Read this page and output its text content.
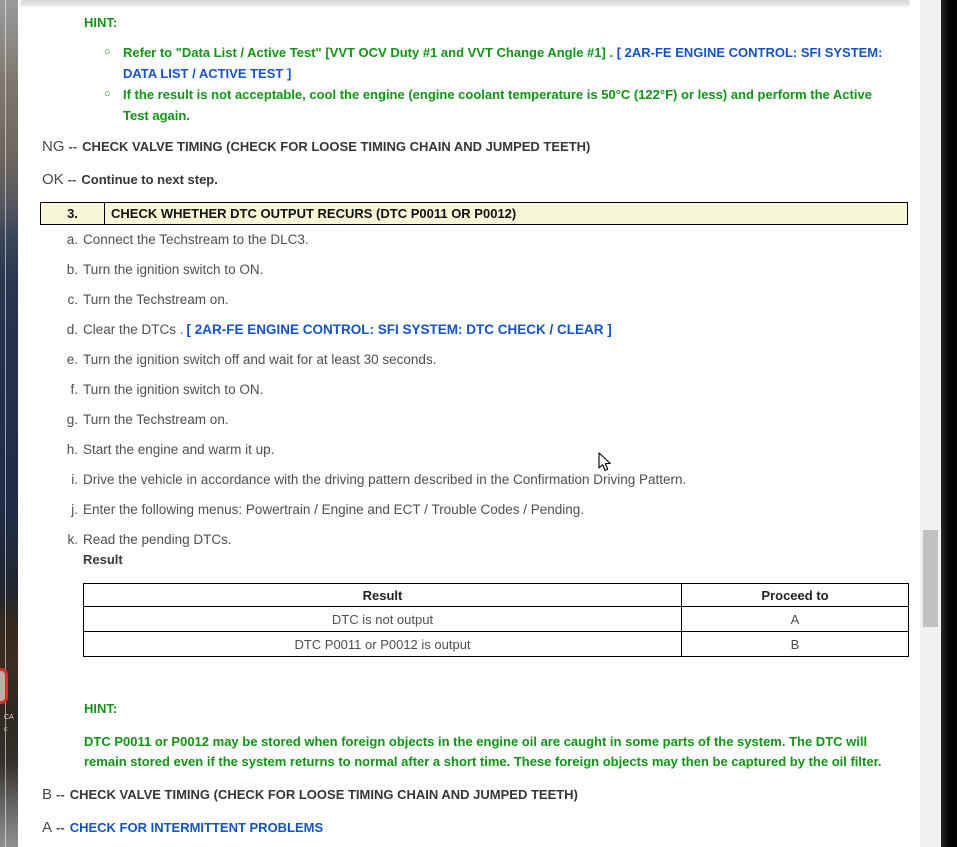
CA
c
HINT:
○ Refer to "Data List / Active Test" [VVT OCV Duty #1 and VVT Change Angle #1] . [ 2AR-FE ENGINE CONTROL: SFI SYSTEM: DATA LIST / ACTIVE TEST ]
○ If the result is not acceptable, cool the engine (engine coolant temperature is 50°C (122°F) or less) and perform the Active Test again.
NG -- CHECK VALVE TIMING (CHECK FOR LOOSE TIMING CHAIN AND JUMPED TEETH)
OK -- Continue to next step.
3.	CHECK WHETHER DTC OUTPUT RECURS (DTC P0011 OR P0012)
a. Connect the Techstream to the DLC3.
b. Turn the ignition switch to ON.
c. Turn the Techstream on.
d. Clear the DTCs . [ 2AR-FE ENGINE CONTROL: SFI SYSTEM: DTC CHECK / CLEAR ]
e. Turn the ignition switch off and wait for at least 30 seconds.
f. Turn the ignition switch to ON.
g. Turn the Techstream on.
h. Start the engine and warm it up.
i. Drive the vehicle in accordance with the driving pattern described in the Confirmation Driving Pattern.
j. Enter the following menus: Powertrain / Engine and ECT / Trouble Codes / Pending.
k. Read the pending DTCs.
Result
Result	Proceed to
DTC is not output	A
DTC P0011 or P0012 is output	B
HINT:
DTC P0011 or P0012 may be stored when foreign objects in the engine oil are caught in some parts of the system. The DTC will remain stored even if the system returns to normal after a short time. These foreign objects may then be captured by the oil filter.
B -- CHECK VALVE TIMING (CHECK FOR LOOSE TIMING CHAIN AND JUMPED TEETH)
A -- CHECK FOR INTERMITTENT PROBLEMS
